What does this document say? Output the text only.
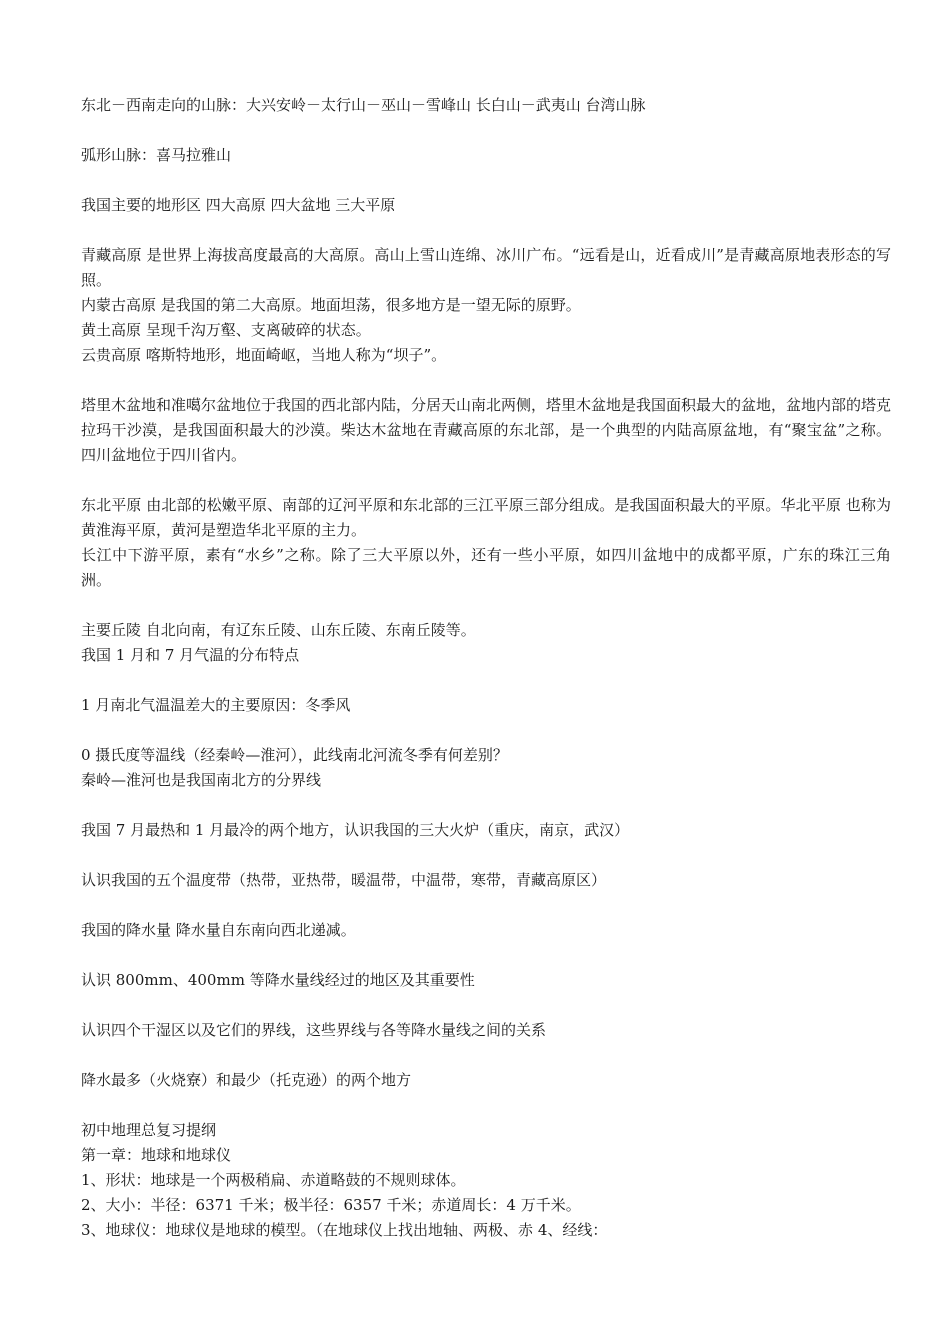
东北－西南走向的山脉：大兴安岭－太行山－巫山－雪峰山 长白山－武夷山 台湾山脉

弧形山脉：喜马拉雅山

我国主要的地形区 四大高原 四大盆地 三大平原

青藏高原 是世界上海拔高度最高的大高原。高山上雪山连绵、冰川广布。“远看是山，近看成川”是青藏高原地表形态的写照。

内蒙古高原 是我国的第二大高原。地面坦荡，很多地方是一望无际的原野。

黄土高原 呈现千沟万壑、支离破碎的状态。

云贵高原 喀斯特地形，地面崎岖，当地人称为“坝子”。

塔里木盆地和准噶尔盆地位于我国的西北部内陆，分居天山南北两侧，塔里木盆地是我国面积最大的盆地，盆地内部的塔克拉玛干沙漠，是我国面积最大的沙漠。柴达木盆地在青藏高原的东北部，是一个典型的内陆高原盆地，有“聚宝盆”之称。四川盆地位于四川省内。

东北平原 由北部的松嫩平原、南部的辽河平原和东北部的三江平原三部分组成。是我国面积最大的平原。华北平原 也称为黄淮海平原，黄河是塑造华北平原的主力。

长江中下游平原，素有“水乡”之称。除了三大平原以外，还有一些小平原，如四川盆地中的成都平原，广东的珠江三角洲。

主要丘陵 自北向南，有辽东丘陵、山东丘陵、东南丘陵等。

我国 1 月和 7 月气温的分布特点

1 月南北气温温差大的主要原因：冬季风

0 摄氏度等温线（经秦岭—淮河），此线南北河流冬季有何差别？

秦岭—淮河也是我国南北方的分界线

我国 7 月最热和 1 月最冷的两个地方，认识我国的三大火炉（重庆，南京，武汉）

认识我国的五个温度带（热带，亚热带，暖温带，中温带，寒带，青藏高原区）

我国的降水量 降水量自东南向西北递减。

认识 800mm、400mm 等降水量线经过的地区及其重要性

认识四个干湿区以及它们的界线，这些界线与各等降水量线之间的关系

降水最多（火烧寮）和最少（托克逊）的两个地方

初中地理总复习提纲

第一章：地球和地球仪

1、形状：地球是一个两极稍扁、赤道略鼓的不规则球体。

2、大小：半径：6371 千米；极半径：6357 千米；赤道周长：4 万千米。

3、地球仪：地球仪是地球的模型。（在地球仪上找出地轴、两极、赤 4、经线：
